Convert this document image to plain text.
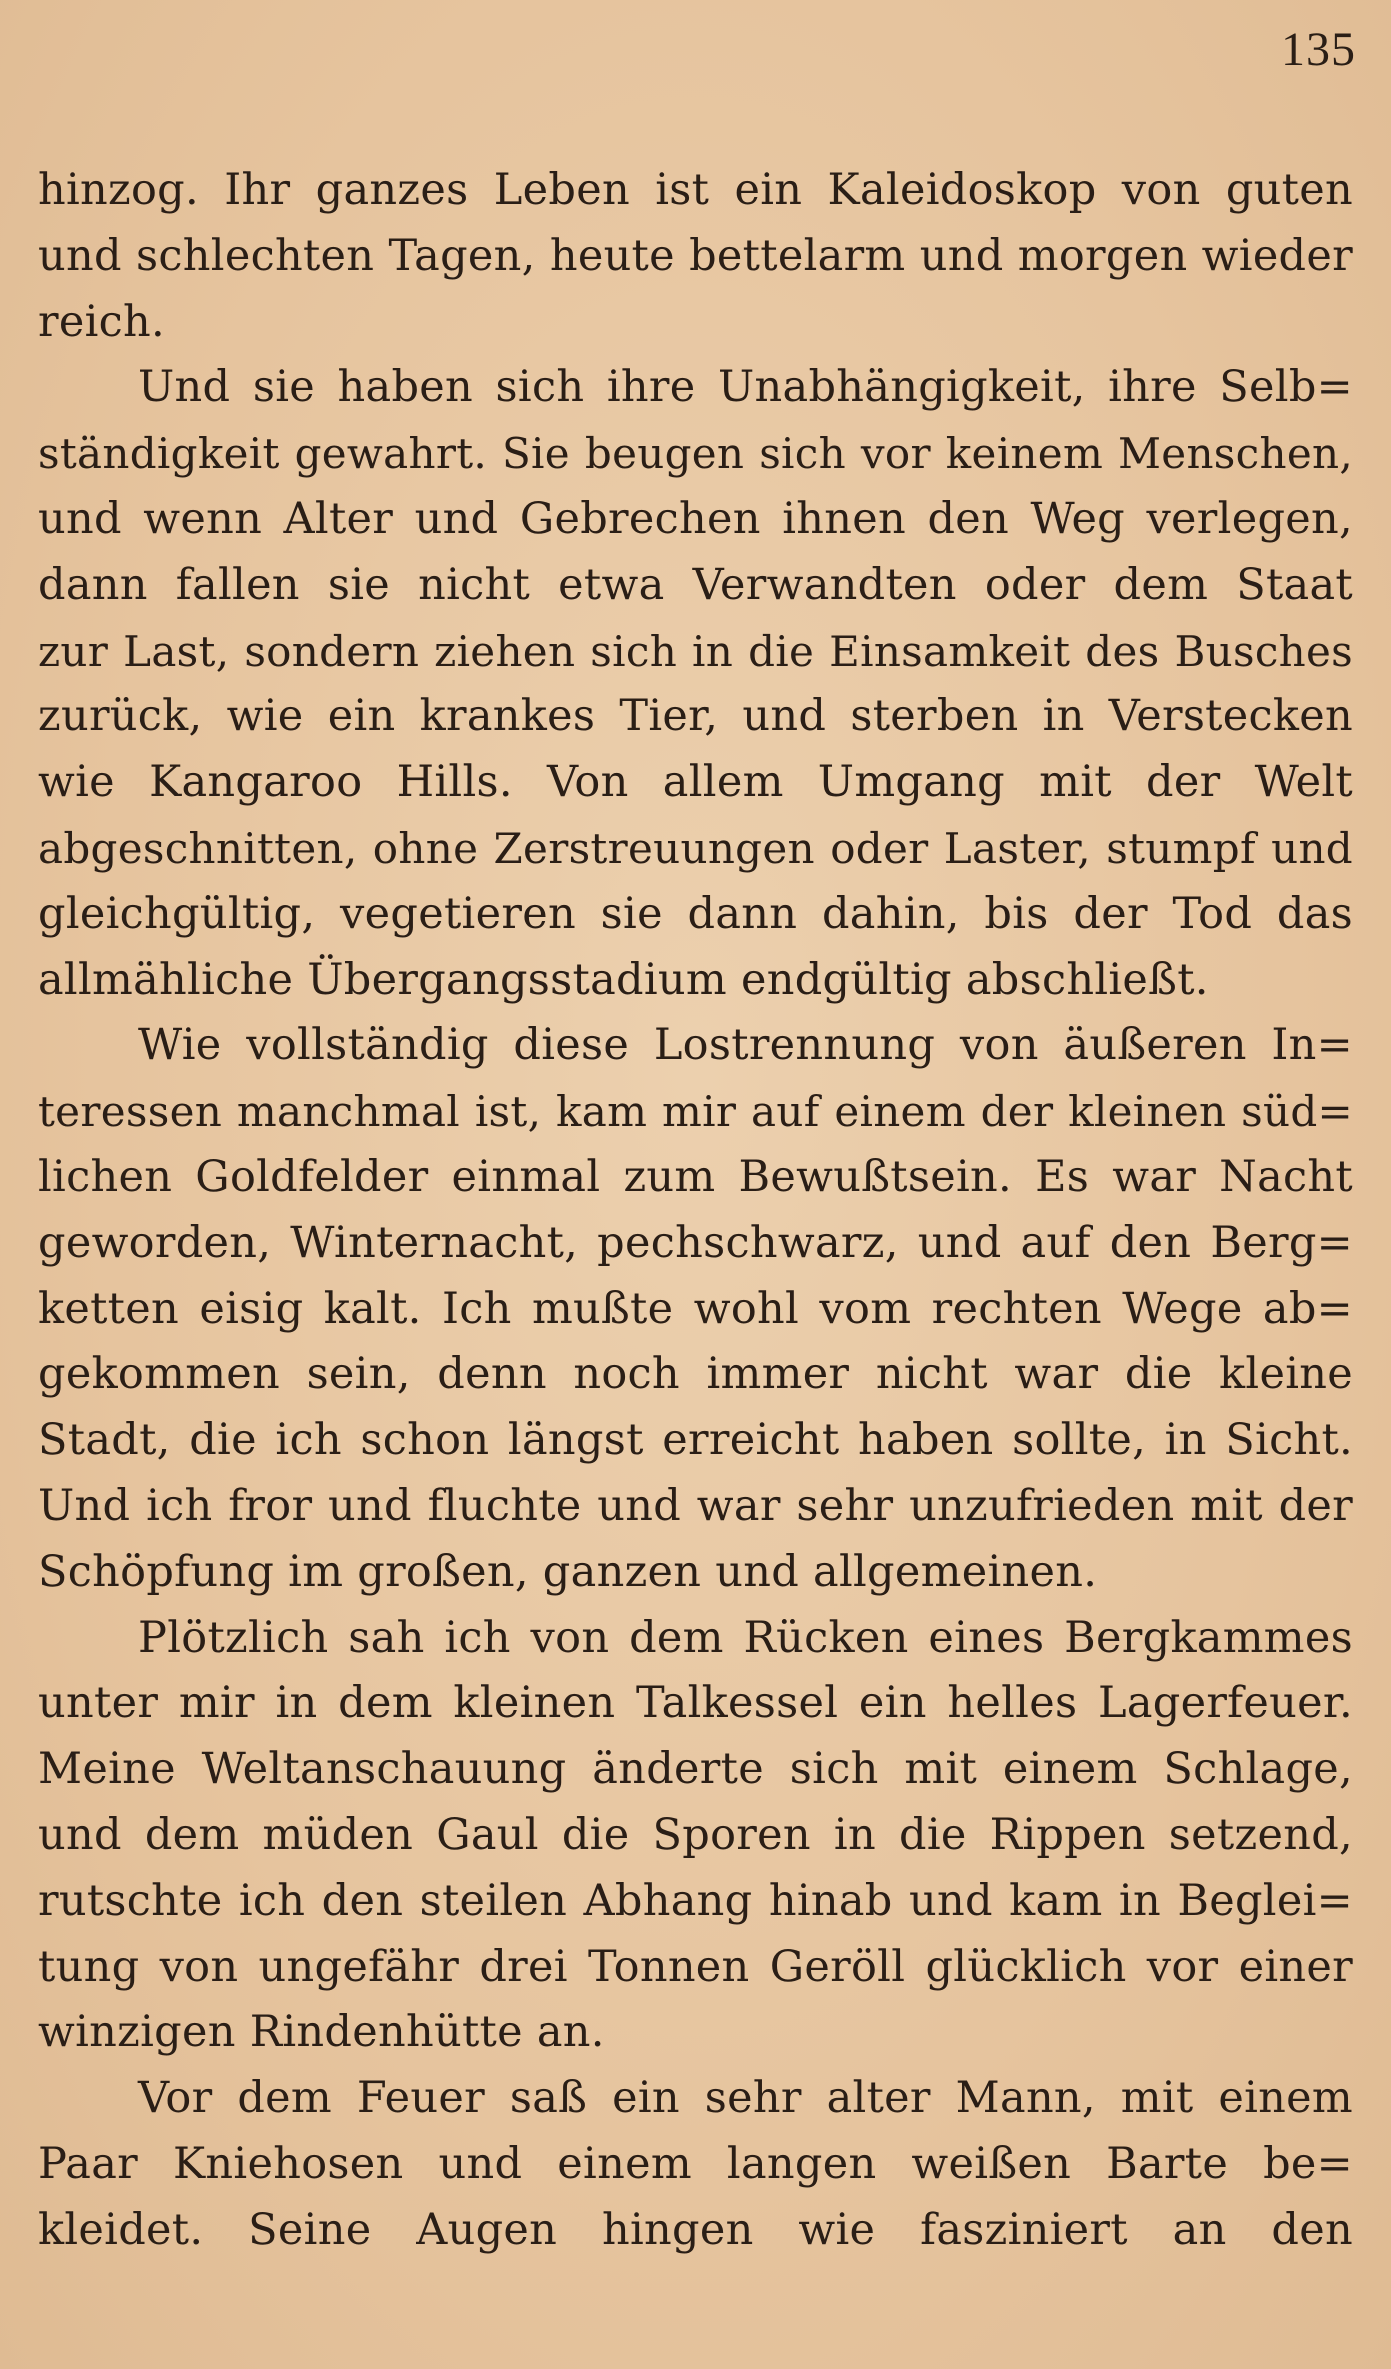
135
hinzog. Ihr ganzes Leben ist ein Kaleidoskop von guten
und schlechten Tagen, heute bettelarm und morgen wieder
reich.
Und sie haben sich ihre Unabhängigkeit, ihre Selb=
ständigkeit gewahrt. Sie beugen sich vor keinem Menschen,
und wenn Alter und Gebrechen ihnen den Weg verlegen,
dann fallen sie nicht etwa Verwandten oder dem Staat
zur Last, sondern ziehen sich in die Einsamkeit des Busches
zurück, wie ein krankes Tier, und sterben in Verstecken
wie Kangaroo Hills. Von allem Umgang mit der Welt
abgeschnitten, ohne Zerstreuungen oder Laster, stumpf und
gleichgültig, vegetieren sie dann dahin, bis der Tod das
allmähliche Übergangsstadium endgültig abschließt.
Wie vollständig diese Lostrennung von äußeren In=
teressen manchmal ist, kam mir auf einem der kleinen süd=
lichen Goldfelder einmal zum Bewußtsein. Es war Nacht
geworden, Winternacht, pechschwarz, und auf den Berg=
ketten eisig kalt. Ich mußte wohl vom rechten Wege ab=
gekommen sein, denn noch immer nicht war die kleine
Stadt, die ich schon längst erreicht haben sollte, in Sicht.
Und ich fror und fluchte und war sehr unzufrieden mit der
Schöpfung im großen, ganzen und allgemeinen.
Plötzlich sah ich von dem Rücken eines Bergkammes
unter mir in dem kleinen Talkessel ein helles Lagerfeuer.
Meine Weltanschauung änderte sich mit einem Schlage,
und dem müden Gaul die Sporen in die Rippen setzend,
rutschte ich den steilen Abhang hinab und kam in Beglei=
tung von ungefähr drei Tonnen Geröll glücklich vor einer
winzigen Rindenhütte an.
Vor dem Feuer saß ein sehr alter Mann, mit einem
Paar Kniehosen und einem langen weißen Barte be=
kleidet. Seine Augen hingen wie fasziniert an den
